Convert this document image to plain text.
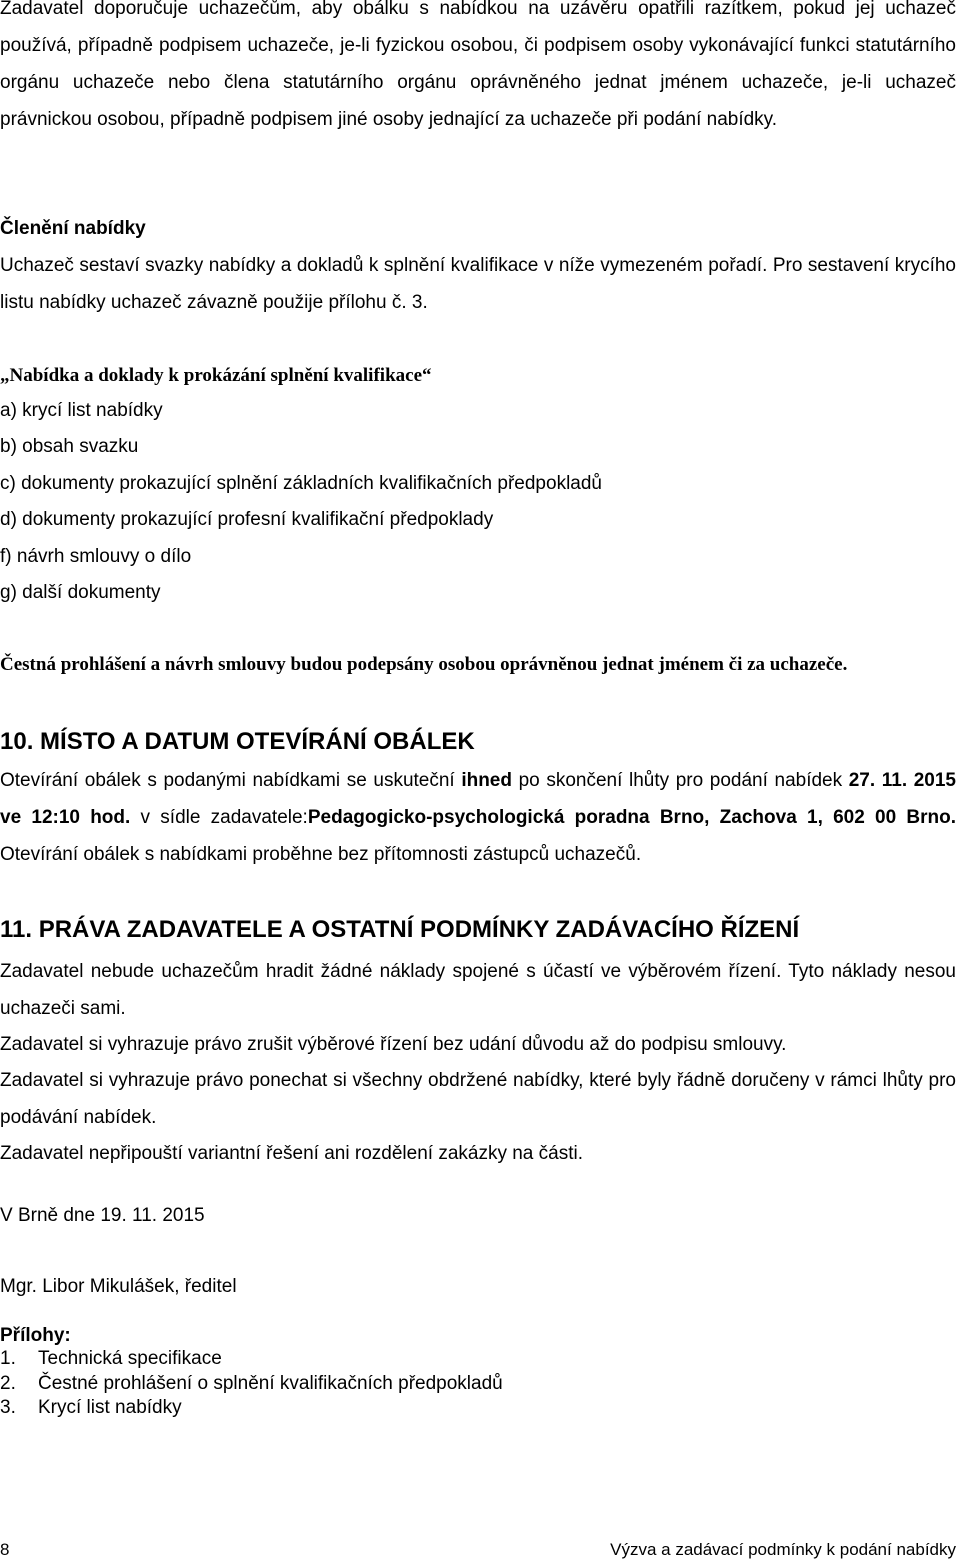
Zadavatel doporučuje uchazečům, aby obálku s nabídkou na uzávěru opatřili razítkem, pokud jej uchazeč používá, případně podpisem uchazeče, je-li fyzickou osobou, či podpisem osoby vykonávající funkci statutárního orgánu uchazeče nebo člena statutárního orgánu oprávněného jednat jménem uchazeče, je-li uchazeč právnickou osobou, případně podpisem jiné osoby jednající za uchazeče při podání nabídky.

Členění nabídky

Uchazeč sestaví svazky nabídky a dokladů k splnění kvalifikace v níže vymezeném pořadí. Pro sestavení krycího listu nabídky uchazeč závazně použije přílohu č. 3.

„Nabídka a doklady k prokázání splnění kvalifikace“
a) krycí list nabídky
b) obsah svazku
c) dokumenty prokazující splnění základních kvalifikačních předpokladů
d) dokumenty prokazující profesní kvalifikační předpoklady
f) návrh smlouvy o dílo
g) další dokumenty
Čestná prohlášení a návrh smlouvy budou podepsány osobou oprávněnou jednat jménem či za uchazeče.
10. MÍSTO A DATUM OTEVÍRÁNÍ OBÁLEK

Otevírání obálek s podanými nabídkami se uskuteční ihned po skončení lhůty pro podání nabídek 27. 11. 2015 ve 12:10 hod. v sídle zadavatele:Pedagogicko-psychologická poradna Brno, Zachova 1, 602 00 Brno. Otevírání obálek s nabídkami proběhne bez přítomnosti zástupců uchazečů.

11. PRÁVA ZADAVATELE A OSTATNÍ PODMÍNKY ZADÁVACÍHO ŘÍZENÍ

Zadavatel nebude uchazečům hradit žádné náklady spojené s účastí ve výběrovém řízení. Tyto náklady nesou uchazeči sami.

Zadavatel si vyhrazuje právo zrušit výběrové řízení bez udání důvodu až do podpisu smlouvy.

Zadavatel si vyhrazuje právo ponechat si všechny obdržené nabídky, které byly řádně doručeny v rámci lhůty pro podávání nabídek.

Zadavatel nepřipouští variantní řešení ani rozdělení zakázky na části.

V Brně dne 19. 11. 2015
Mgr. Libor Mikulášek, ředitel
Přílohy:
1. Technická specifikace
2. Čestné prohlášení o splnění kvalifikačních předpokladů
3. Krycí list nabídky
8	Výzva a zadávací podmínky k podání nabídky
